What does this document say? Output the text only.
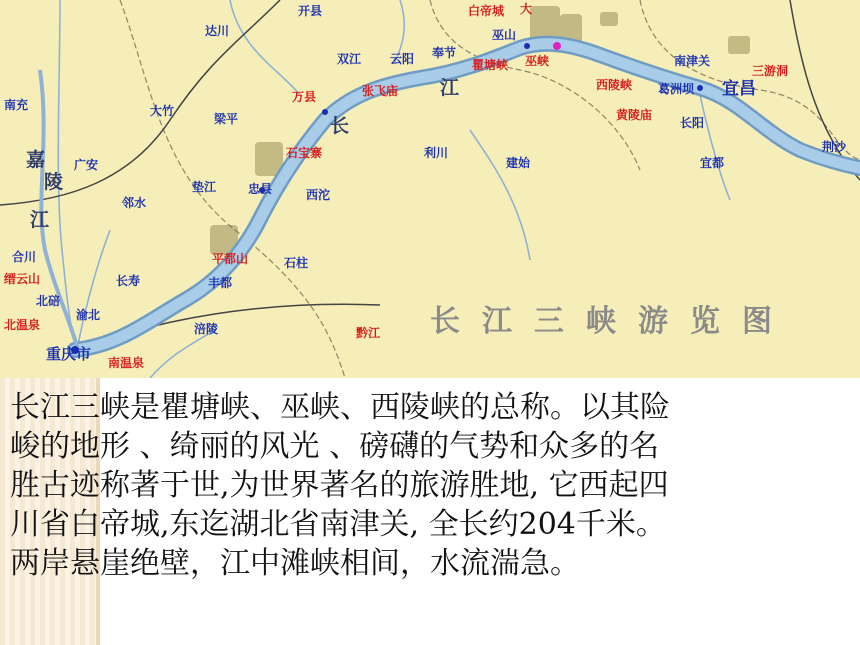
长
江
嘉
陵
江
开县
达川
白帝城 大
巫山
双江 云阳 奉节
瞿塘峡 巫峡	南津关
三游洞
西陵峡 葛洲坝 宜昌
黄陵庙
长阳
南充	大竹
梁平
万县	张飞庙
利川
建始	宜都
荆沙
石宝寨
广安
邻水
垫江	忠县	西沱
合川
缙云山
北碚
北温泉
渝北
重庆市 南温泉
长寿
平都山
丰都
石柱
涪陵	黔江 长江三峡游览图
长江三峡是瞿塘峡、巫峡、西陵峡的总称。以其险
峻的地形 、绮丽的风光 、磅礴的气势和众多的名
胜古迹称著于世,为世界著名的旅游胜地, 它西起四
川省白帝城,东迄湖北省南津关, 全长约204千米。
两岸悬崖绝壁，江中滩峡相间，水流湍急。
